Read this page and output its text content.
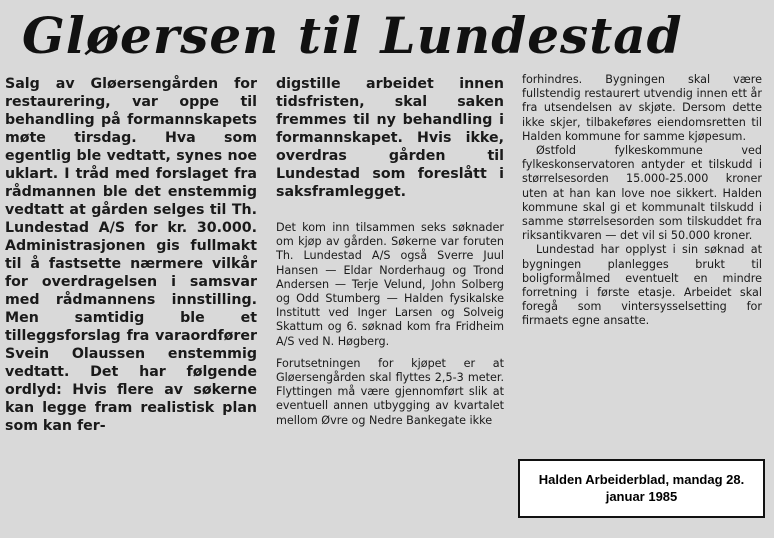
Gløersen til Lundestad

Salg av Gløersengården for restaurering, var oppe til behandling på formannskapets møte tirsdag. Hva som egentlig ble vedtatt, synes noe uklart. I tråd med forslaget fra rådmannen ble det enstemmig vedtatt at gården selges til Th. Lundestad A/S for kr. 30.000. Administrasjonen gis fullmakt til å fastsette nærmere vilkår for overdragelsen i samsvar med rådmannens innstilling. Men samtidig ble et tilleggsforslag fra varaordfører Svein Olaussen enstemmig vedtatt. Det har følgende ordlyd: Hvis flere av søkerne kan legge fram realistisk plan som kan fer-

digstille arbeidet innen tidsfristen, skal saken fremmes til ny behandling i formannskapet. Hvis ikke, overdras gården til Lundestad som foreslått i saksframlegget.

Det kom inn tilsammen seks søknader om kjøp av gården. Søkerne var foruten Th. Lundestad A/S også Sverre Juul Hansen — Eldar Norderhaug og Trond Andersen — Terje Velund, John Solberg og Odd Stumberg — Halden fysikalske Institutt ved Inger Larsen og Solveig Skattum og 6. søknad kom fra Fridheim A/S ved N. Høgberg.

Forutsetningen for kjøpet er at Gløersengården skal flyttes 2,5-3 meter. Flyttingen må være gjennomført slik at eventuell annen utbygging av kvartalet mellom Øvre og Nedre Bankegate ikke

forhindres. Bygningen skal være fullstendig restaurert utvendig innen ett år fra utsendelsen av skjøte. Dersom dette ikke skjer, tilbakeføres eiendomsretten til Halden kommune for samme kjøpesum.

Østfold fylkeskommune ved fylkeskonservatoren antyder et tilskudd i størrelsesorden 15.000-25.000 kroner uten at han kan love noe sikkert. Halden kommune skal gi et kommunalt tilskudd i samme størrelsesorden som tilskuddet fra riksantikvaren — det vil si 50.000 kroner.

Lundestad har opplyst i sin søknad at bygningen planlegges brukt til boligformålmed eventuelt en mindre forretning i første etasje. Arbeidet skal foregå som vintersysselsetting for firmaets egne ansatte.

Halden Arbeiderblad, mandag 28.
januar 1985
